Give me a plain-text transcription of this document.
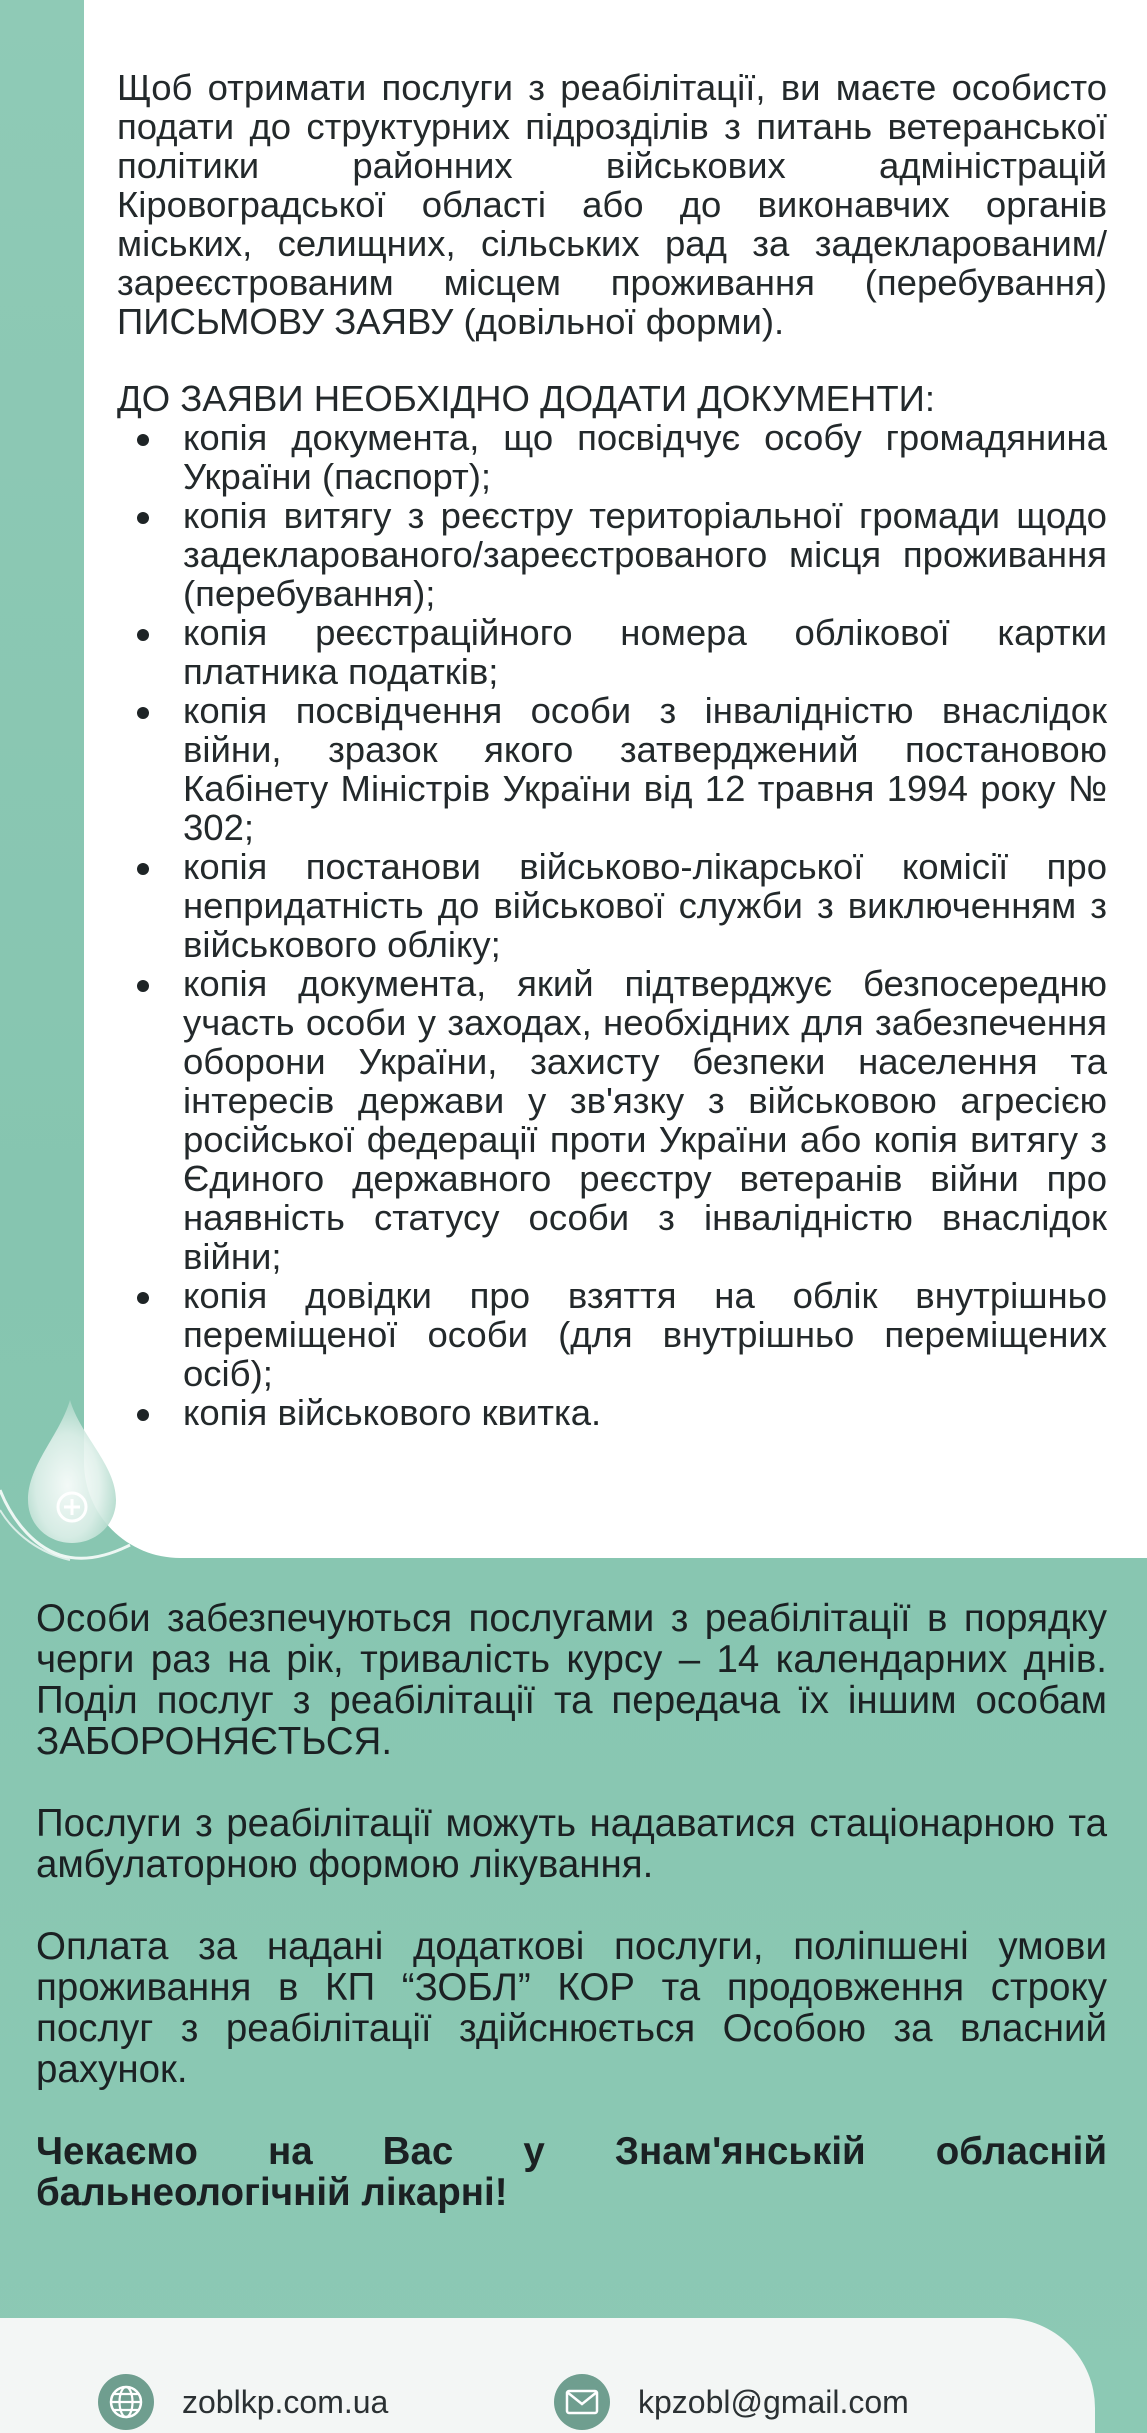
Щоб отримати послуги з реабілітації, ви маєте особисто подати до структурних підрозділів з питань ветеранської політики районних військових адміністрацій Кіровоградської області або до виконавчих органів міських, селищних, сільських рад за задекларованим/зареєстрованим місцем проживання (перебування) ПИСЬМОВУ ЗАЯВУ (довільної форми).

ДО ЗАЯВИ НЕОБХІДНО ДОДАТИ ДОКУМЕНТИ:

копія документа, що посвідчує особу громадянина України (паспорт);
копія витягу з реєстру територіальної громади щодо задекларованого/зареєстрованого місця проживання (перебування);
копія реєстраційного номера облікової картки платника податків;
копія посвідчення особи з інвалідністю внаслідок війни, зразок якого затверджений постановою Кабінету Міністрів України від 12 травня 1994 року № 302;
копія постанови військово-лікарської комісії про непридатність до військової служби з виключенням з військового обліку;
копія документа, який підтверджує безпосередню участь особи у заходах, необхідних для забезпечення оборони України, захисту безпеки населення та інтересів держави у зв'язку з військовою агресією російської федерації проти України або копія витягу з Єдиного державного реєстру ветеранів війни про наявність статусу особи з інвалідністю внаслідок війни;
копія довідки про взяття на облік внутрішньо переміщеної особи (для внутрішньо переміщених осіб);
копія військового квитка.

Особи забезпечуються послугами з реабілітації в порядку черги раз на рік, тривалість курсу – 14 календарних днів. Поділ послуг з реабілітації та передача їх іншим особам ЗАБОРОНЯЄТЬСЯ.

Послуги з реабілітації можуть надаватися стаціонарною та амбулаторною формою лікування.

Оплата за надані додаткові послуги, поліпшені умови проживання в КП “ЗОБЛ” КОР та продовження строку послуг з реабілітації здійснюється Особою за власний рахунок.

Чекаємо на Вас у Знам'янській обласній бальнеологічній лікарні!

zoblkp.com.ua	kpzobl@gmail.com
